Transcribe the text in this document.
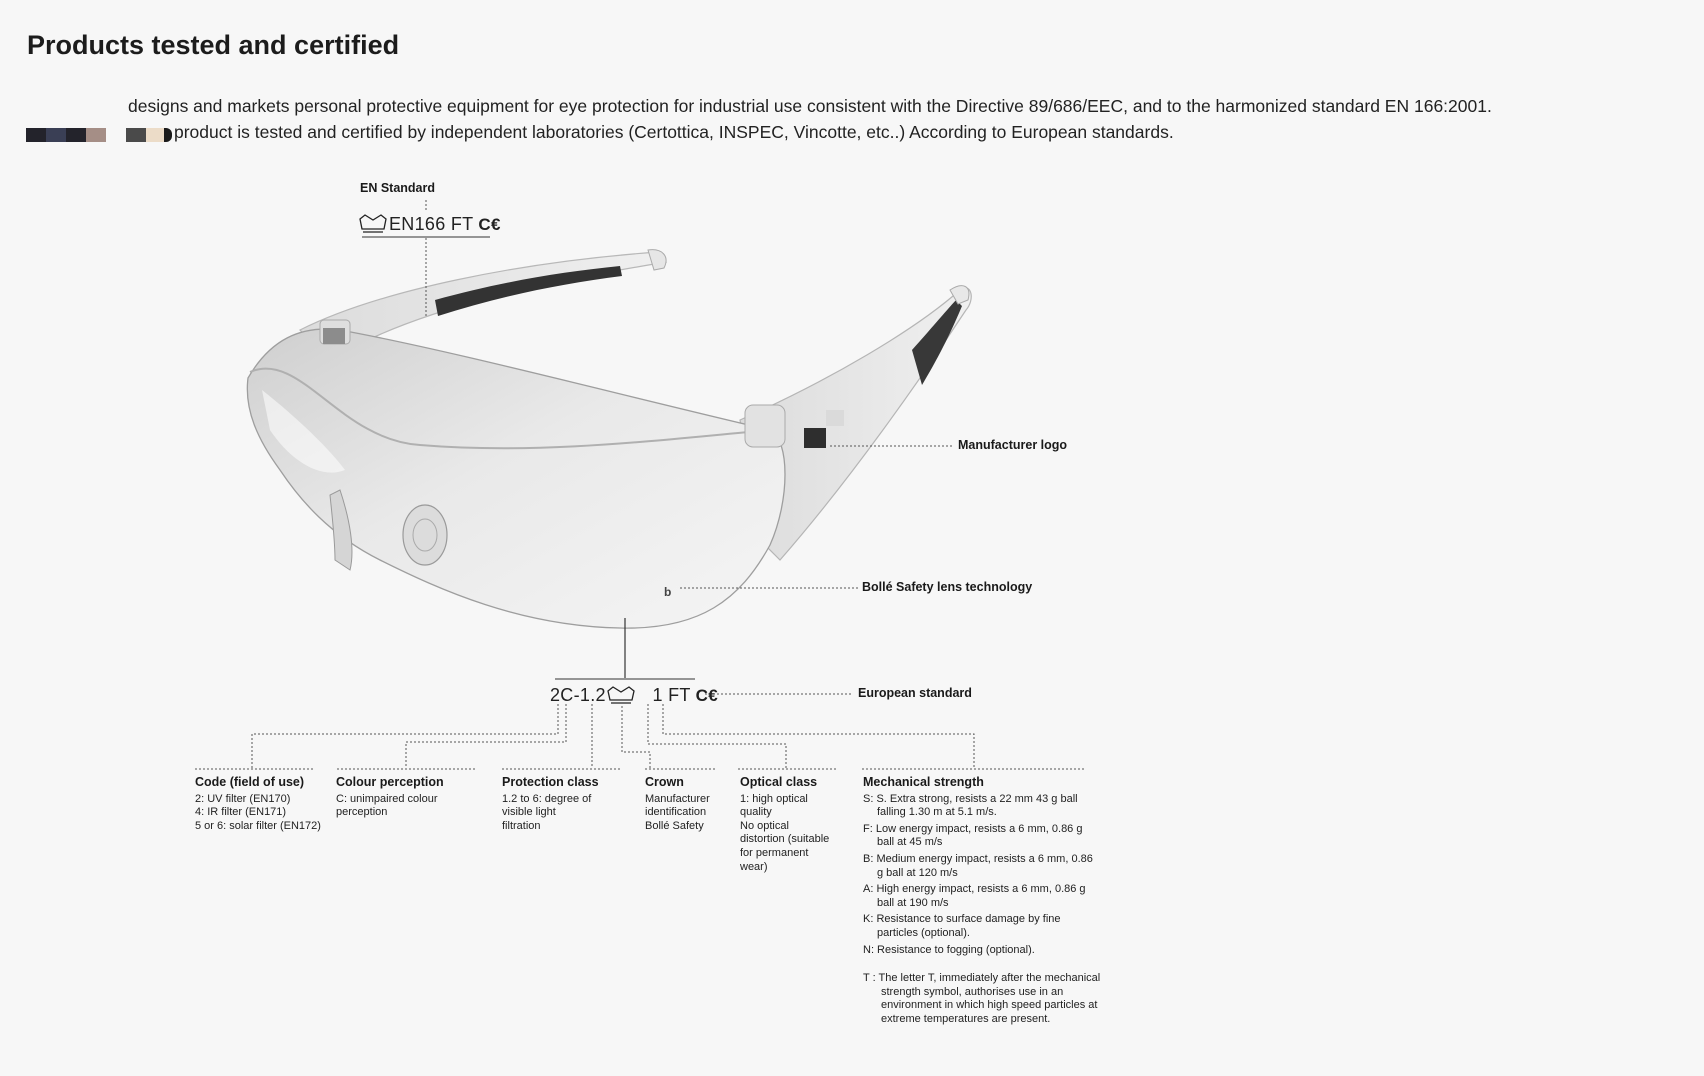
Products tested and certified
designs and markets personal protective equipment for eye protection for industrial use consistent with the Directive 89/686/EEC, and to the harmonized standard EN 166:2001.
product is tested and certified by independent laboratories (Certottica, INSPEC, Vincotte, etc..) According to European standards.
b
EN Standard
EN166 FT C€
Manufacturer logo
Bollé Safety lens technology
2C-1.2	1 FT C€	European standard
Code (field of use)
2: UV filter (EN170)
4: IR filter (EN171)
5 or 6: solar filter (EN172)
Colour perception
C: unimpaired colour
perception
Protection class
1.2 to 6: degree of
visible light
filtration
Crown
Manufacturer
identification
Bollé Safety
Optical class
1: high optical
quality
No optical
distortion (suitable
for permanent
wear)
Mechanical strength
S: S. Extra strong, resists a 22 mm 43 g ball falling 1.30 m at 5.1 m/s.
F: Low energy impact, resists a 6 mm, 0.86 g ball at 45 m/s
B: Medium energy impact, resists a 6 mm, 0.86 g ball at 120 m/s
A: High energy impact, resists a 6 mm, 0.86 g ball at 190 m/s
K: Resistance to surface damage by fine particles (optional).
N: Resistance to fogging (optional).
T : The letter T, immediately after the mechanical strength symbol, authorises use in an environment in which high speed particles at extreme temperatures are present.
